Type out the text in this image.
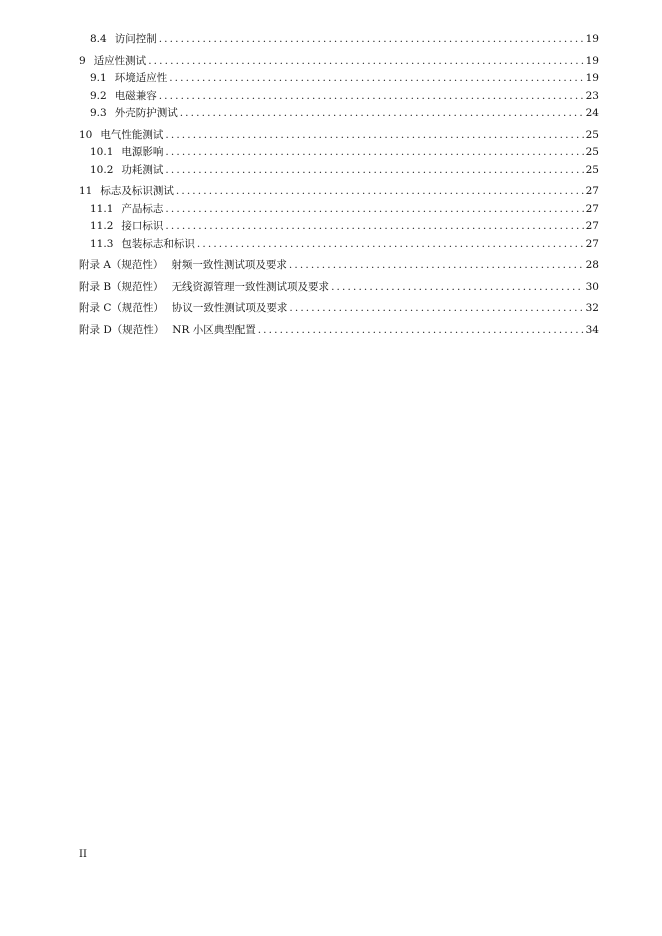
8.4 访问控制 . . .	19
9 适应性测试 . . .	19
9.1 环境适应性 . . .	19
9.2 电磁兼容 . . .	23
9.3 外壳防护测试 . . .	24
10 电气性能测试 . . .	25
10.1 电源影响 . . .	25
10.2 功耗测试 . . .	25
11 标志及标识测试 . . .	27
11.1 产品标志 . . .	27
11.2 接口标识 . . .	27
11.3 包装标志和标识 . . .	27
附录 A（规范性） 射频一致性测试项及要求 . . .	28
附录 B（规范性） 无线资源管理一致性测试项及要求 . . .	30
附录 C（规范性） 协议一致性测试项及要求 . . .	32
附录 D（规范性） NR 小区典型配置 . . .	34
II
